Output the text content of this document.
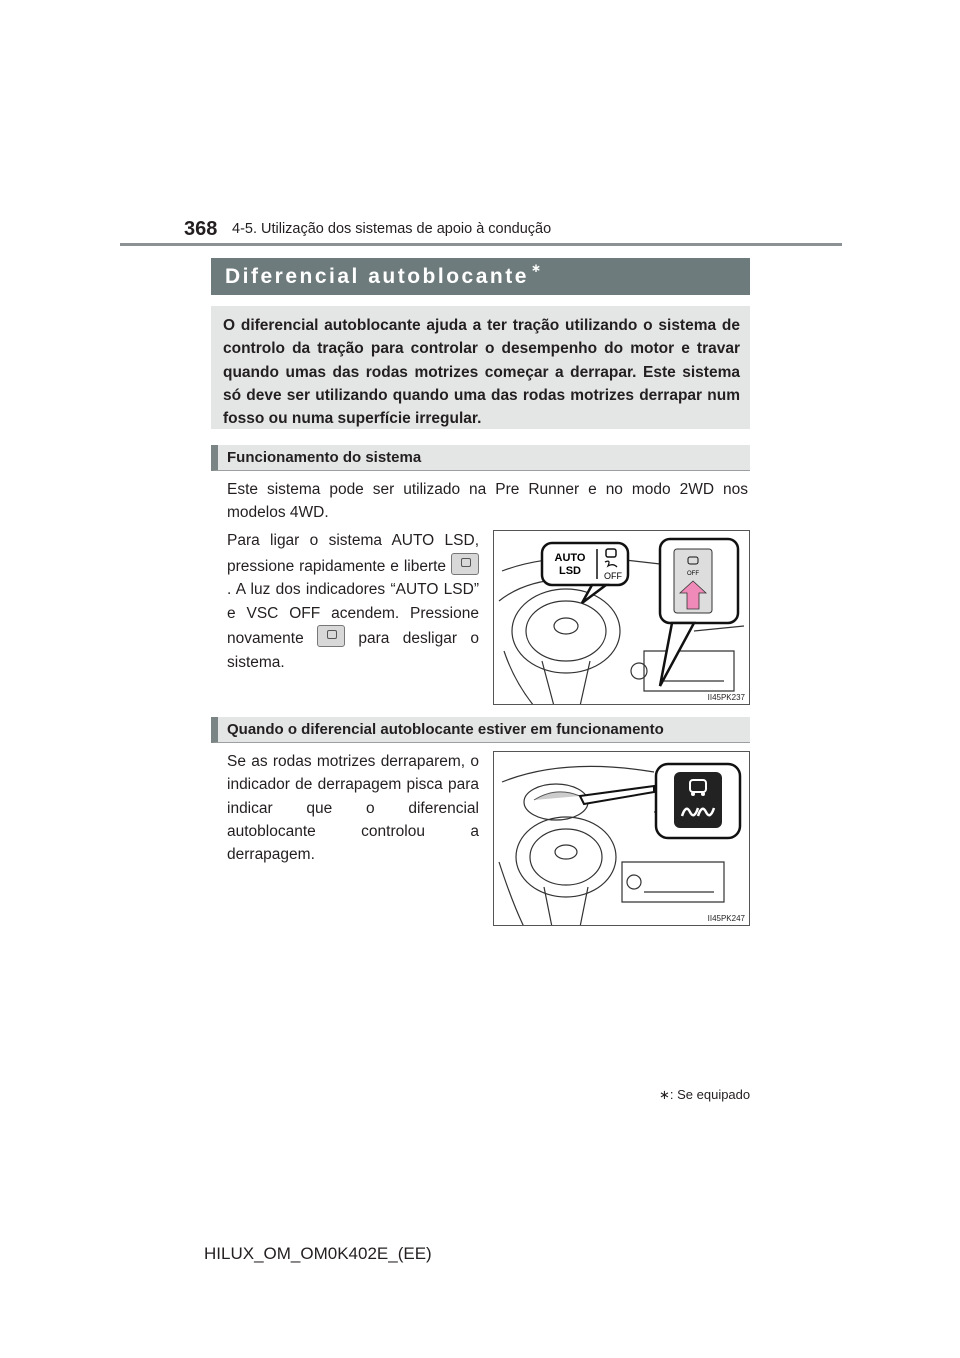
368 4-5. Utilização dos sistemas de apoio à condução
Diferencial autoblocante ∗
O diferencial autoblocante ajuda a ter tração utilizando o sistema de controlo da tração para controlar o desempenho do motor e travar quando umas das rodas motrizes começar a derrapar. Este sistema só deve ser utilizando quando uma das rodas motrizes derrapar num fosso ou numa superfície irregular.
Funcionamento do sistema
Este sistema pode ser utilizado na Pre Runner e no modo 2WD nos modelos 4WD.
Para ligar o sistema AUTO LSD, pressione rapidamente e liberte . A luz dos indicadores “AUTO LSD” e VSC OFF acendem. Pressione novamente	para desligar o sistema.
AUTO
LSD	OFF	OFF
II45PK237
Quando o diferencial autoblocante estiver em funcionamento
Se as rodas motrizes derraparem, o indicador de derrapagem pisca para indicar que o diferencial autoblocante controlou a derrapagem.
II45PK247
∗: Se equipado
HILUX_OM_OM0K402E_(EE)
